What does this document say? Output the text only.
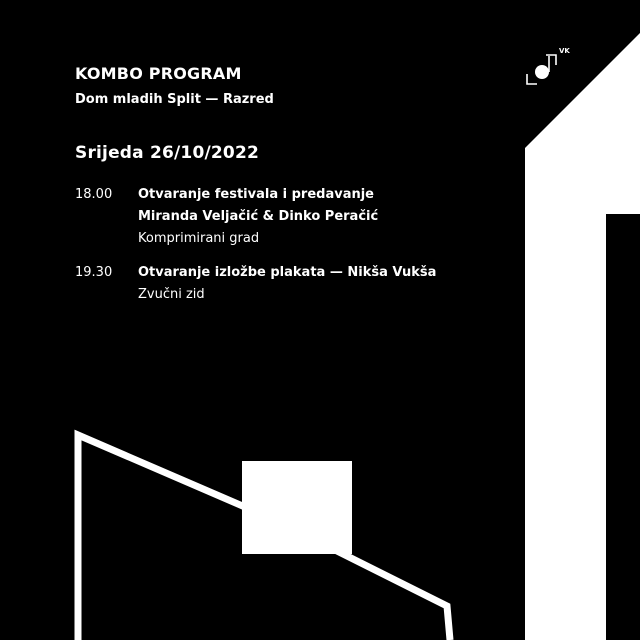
VK
KOMBO PROGRAM
Dom mladih Split — Razred
Srijeda 26/10/2022
18.00 Otvaranje festivala i predavanje
Miranda Veljačić & Dinko Peračić
Komprimirani grad
19.30 Otvaranje izložbe plakata — Nikša Vukša
Zvučni zid
